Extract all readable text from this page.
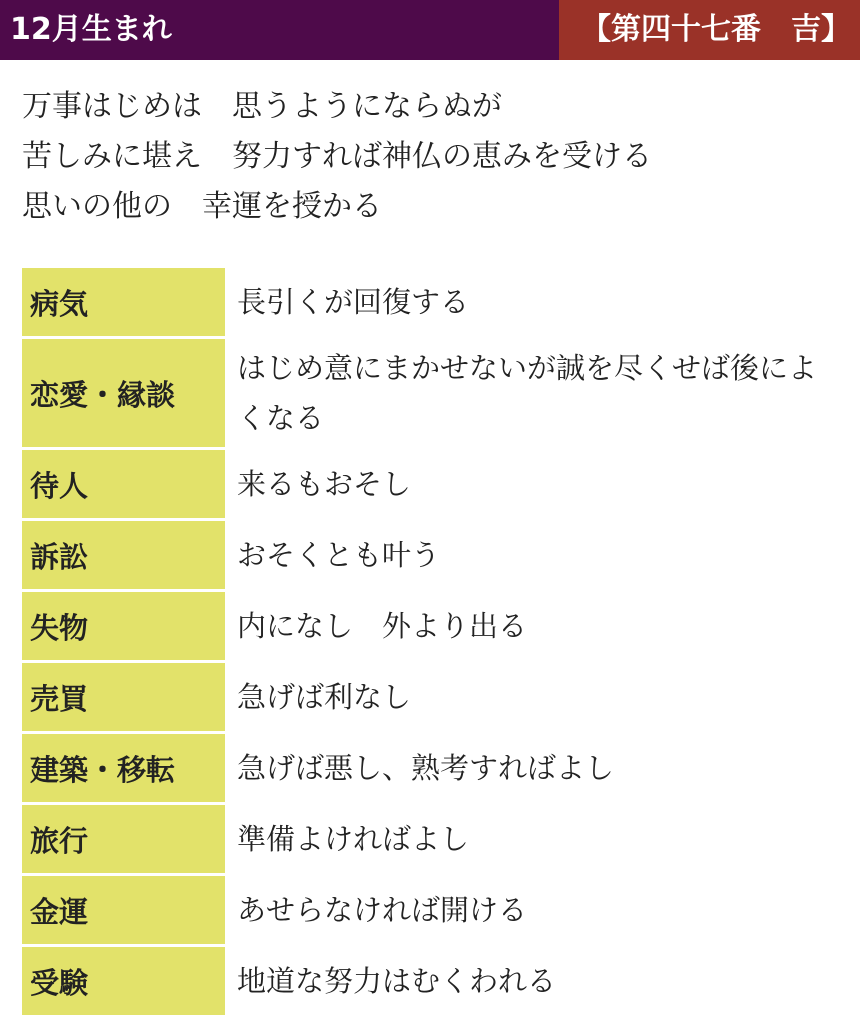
12月生まれ	【第四十七番　吉】
万事はじめは　思うようにならぬが
苦しみに堪え　努力すれば神仏の恵みを受ける
思いの他の　幸運を授かる
病気	長引くが回復する
恋愛・縁談	はじめ意にまかせないが誠を尽くせば後によくなる
待人	来るもおそし
訴訟	おそくとも叶う
失物	内になし　外より出る
売買	急げば利なし
建築・移転	急げば悪し、熟考すればよし
旅行	準備よければよし
金運	あせらなければ開ける
受験	地道な努力はむくわれる
